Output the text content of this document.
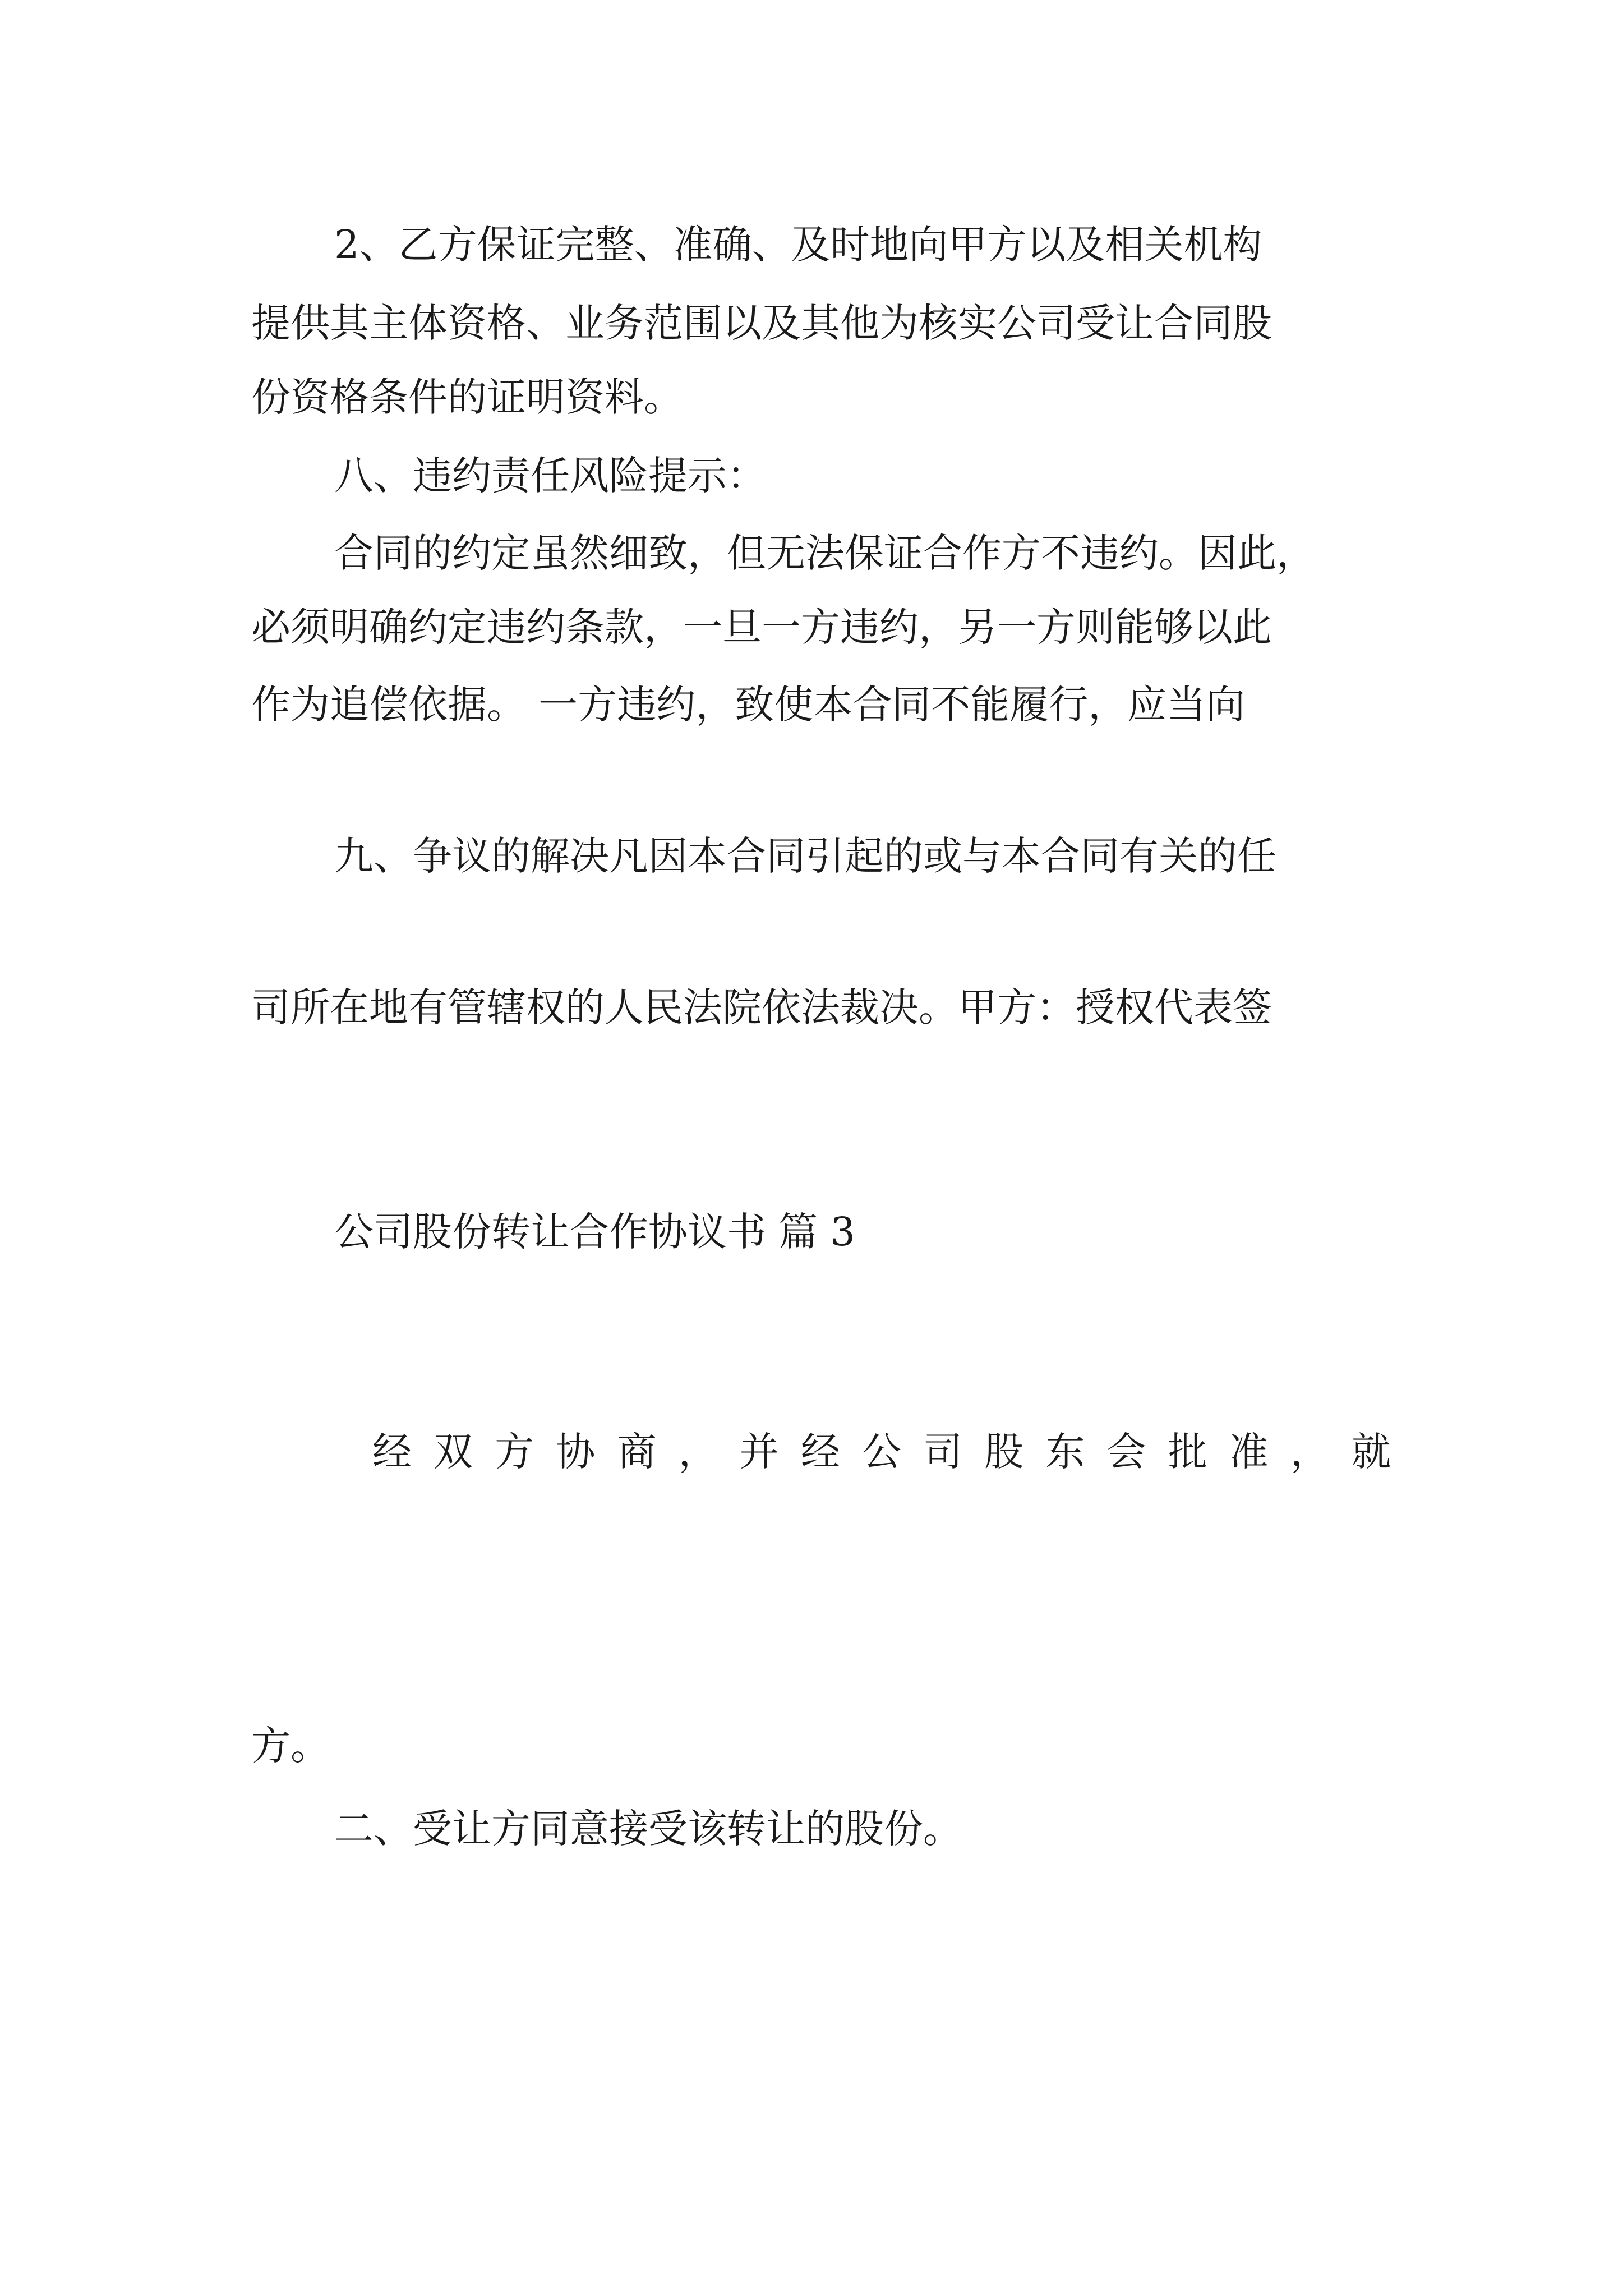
2、乙方保证完整、准确、及时地向甲方以及相关机构
提供其主体资格、业务范围以及其他为核实公司受让合同股
份资格条件的证明资料。
八、违约责任风险提示：
合同的约定虽然细致，但无法保证合作方不违约。因此，
必须明确约定违约条款，一旦一方违约，另一方则能够以此
作为追偿依据。 一方违约，致使本合同不能履行，应当向

九、争议的解决凡因本合同引起的或与本合同有关的任

司所在地有管辖权的人民法院依法裁决。甲方：授权代表签

公司股份转让合作协议书 篇 3

经双方协商，并经公司股东会批准，就

方。
二、受让方同意接受该转让的股份。
